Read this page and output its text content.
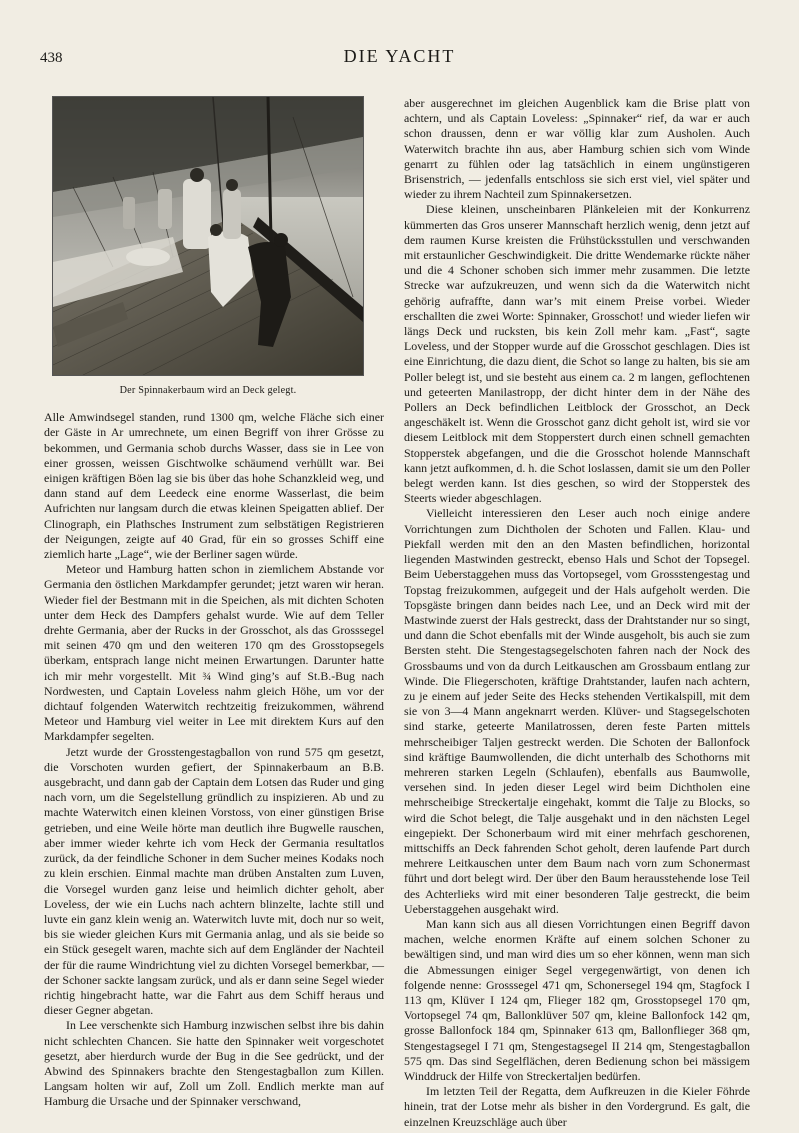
438	DIE YACHT
Der Spinnakerbaum wird an Deck gelegt.

Alle Amwindsegel standen, rund 1300 qm, welche Fläche sich einer der Gäste in Ar umrechnete, um einen Begriff von ihrer Grösse zu bekommen, und Germania schob durchs Wasser, dass sie in Lee von einer grossen, weissen Gischtwolke schäumend verhüllt war. Bei einigen kräftigen Böen lag sie bis über das hohe Schanzkleid weg, und dann stand auf dem Leedeck eine enorme Wasserlast, die beim Aufrichten nur langsam durch die etwas kleinen Speigatten ablief. Der Clinograph, ein Plathsches Instrument zum selbstätigen Registrieren der Neigungen, zeigte auf 40 Grad, für ein so grosses Schiff eine ziemlich harte „Lage“, wie der Berliner sagen würde.

Meteor und Hamburg hatten schon in ziemlichem Abstande vor Germania den östlichen Markdampfer gerundet; jetzt waren wir heran. Wieder fiel der Bestmann mit in die Speichen, als mit dichten Schoten unter dem Heck des Dampfers gehalst wurde. Wie auf dem Teller drehte Germania, aber der Rucks in der Grosschot, als das Grosssegel mit seinen 470 qm und den weiteren 170 qm des Grosstopsegels überkam, entsprach lange nicht meinen Erwartungen. Darunter hatte ich mir mehr vorgestellt. Mit ¾ Wind ging’s auf St.B.-Bug nach Nordwesten, und Captain Loveless nahm gleich Höhe, um vor der dichtauf folgenden Waterwitch rechtzeitig freizukommen, während Meteor und Hamburg viel weiter in Lee mit direktem Kurs auf den Markdampfer segelten.

Jetzt wurde der Grosstengestagballon von rund 575 qm gesetzt, die Vorschoten wurden gefiert, der Spinnakerbaum an B.B. ausgebracht, und dann gab der Captain dem Lotsen das Ruder und ging nach vorn, um die Segelstellung gründlich zu inspizieren. Ab und zu machte Waterwitch einen kleinen Vorstoss, von einer günstigen Brise getrieben, und eine Weile hörte man deutlich ihre Bugwelle rauschen, aber immer wieder kehrte ich vom Heck der Germania resultatlos zurück, da der feindliche Schoner in dem Sucher meines Kodaks noch zu klein erschien. Einmal machte man drüben Anstalten zum Luven, die Vorsegel wurden ganz leise und heimlich dichter geholt, aber Loveless, der wie ein Luchs nach achtern blinzelte, lachte still und luvte ein ganz klein wenig an. Waterwitch luvte mit, doch nur so weit, bis sie wieder gleichen Kurs mit Germania anlag, und als sie beide so ein Stück gesegelt waren, machte sich auf dem Engländer der Nachteil der für die raume Windrichtung viel zu dichten Vorsegel bemerkbar, — der Schoner sackte langsam zurück, und als er dann seine Segel wieder richtig hingebracht hatte, war die Fahrt aus dem Schiff heraus und dieser Gegner abgetan.

In Lee verschenkte sich Hamburg inzwischen selbst ihre bis dahin nicht schlechten Chancen. Sie hatte den Spinnaker weit vorgeschotet gesetzt, aber hierdurch wurde der Bug in die See gedrückt, und der Abwind des Spinnakers brachte den Stengestagballon zum Killen. Langsam holten wir auf, Zoll um Zoll. Endlich merkte man auf Hamburg die Ursache und der Spinnaker verschwand,

aber ausgerechnet im gleichen Augenblick kam die Brise platt von achtern, und als Captain Loveless: „Spinnaker“ rief, da war er auch schon draussen, denn er war völlig klar zum Ausholen. Auch Waterwitch brachte ihn aus, aber Hamburg schien sich vom Winde genarrt zu fühlen oder lag tatsächlich in einem ungünstigeren Brisenstrich, — jedenfalls entschloss sie sich erst viel, viel später und wieder zu ihrem Nachteil zum Spinnakersetzen.

Diese kleinen, unscheinbaren Plänkeleien mit der Konkurrenz kümmerten das Gros unserer Mannschaft herzlich wenig, denn jetzt auf dem raumen Kurse kreisten die Frühstücksstullen und verschwanden mit erstaunlicher Geschwindigkeit. Die dritte Wendemarke rückte näher und die 4 Schoner schoben sich immer mehr zusammen. Die letzte Strecke war aufzukreuzen, und wenn sich da die Waterwitch nicht gehörig aufraffte, dann war’s mit einem Preise vorbei. Wieder erschallten die zwei Worte: Spinnaker, Grosschot! und wieder liefen wir längs Deck und rucksten, bis kein Zoll mehr kam. „Fast“, sagte Loveless, und der Stopper wurde auf die Grosschot geschlagen. Dies ist eine Einrichtung, die dazu dient, die Schot so lange zu halten, bis sie am Poller belegt ist, und sie besteht aus einem ca. 2 m langen, geflochtenen und geteerten Manilastropp, der dicht hinter dem in der Nähe des Pollers an Deck befindlichen Leitblock der Grosschot, an Deck angeschäkelt ist. Wenn die Grosschot ganz dicht geholt ist, wird sie vor diesem Leitblock mit dem Stopperstert durch einen schnell gemachten Stopperstek abgefangen, und die die Grosschot holende Mannschaft kann jetzt aufkommen, d. h. die Schot loslassen, damit sie um den Poller belegt werden kann. Ist dies geschen, so wird der Stopperstek des Steerts wieder abgeschlagen.

Vielleicht interessieren den Leser auch noch einige andere Vorrichtungen zum Dichtholen der Schoten und Fallen. Klau- und Piekfall werden mit den an den Masten befindlichen, horizontal liegenden Mastwinden gestreckt, ebenso Hals und Schot der Topsegel. Beim Ueberstaggehen muss das Vortopsegel, vom Grossstengestag und Topstag freizukommen, aufgegeit und der Hals aufgeholt werden. Die Topsgäste bringen dann beides nach Lee, und an Deck wird mit der Mastwinde zuerst der Hals gestreckt, dass der Drahtstander nur so singt, und dann die Schot ebenfalls mit der Winde ausgeholt, bis auch sie zum Bersten steht. Die Stengestagsegelschoten fahren nach der Nock des Grossbaums und von da durch Leitkauschen am Grossbaum entlang zur Winde. Die Fliegerschoten, kräftige Drahtstander, laufen nach achtern, zu je einem auf jeder Seite des Hecks stehenden Vertikalspill, mit dem sie von 3—4 Mann angeknarrt werden. Klüver- und Stagsegelschoten sind starke, geteerte Manilatrossen, deren feste Parten mittels mehrscheibiger Taljen gestreckt werden. Die Schoten der Ballonfock sind kräftige Baumwollenden, die dicht unterhalb des Schothorns mit mehreren starken Legeln (Schlaufen), ebenfalls aus Baumwolle, versehen sind. In jeden dieser Legel wird beim Dichtholen eine mehrscheibige Streckertalje eingehakt, kommt die Talje zu Blocks, so wird die Schot belegt, die Talje ausgehakt und in den nächsten Legel eingepiekt. Der Schonerbaum wird mit einer mehrfach geschorenen, mittschiffs an Deck fahrenden Schot geholt, deren laufende Part durch mehrere Leitkauschen unter dem Baum nach vorn zum Schonermast führt und dort belegt wird. Der über den Baum herausstehende lose Teil des Achterlieks wird mit einer besonderen Talje gestreckt, die beim Ueberstaggehen ausgehakt wird.

Man kann sich aus all diesen Vorrichtungen einen Begriff davon machen, welche enormen Kräfte auf einem solchen Schoner zu bewältigen sind, und man wird dies um so eher können, wenn man sich die Abmessungen einiger Segel vergegenwärtigt, von denen ich folgende nenne: Grosssegel 471 qm, Schonersegel 194 qm, Stagfock I 113 qm, Klüver I 124 qm, Flieger 182 qm, Grosstopsegel 170 qm, Vortopsegel 74 qm, Ballonklüver 507 qm, kleine Ballonfock 142 qm, grosse Ballonfock 184 qm, Spinnaker 613 qm, Ballonflieger 368 qm, Stengestagsegel I 71 qm, Stengestagsegel II 214 qm, Stengestagballon 575 qm. Das sind Segelflächen, deren Bedienung schon bei mässigem Winddruck der Hilfe von Streckertaljen bedürfen.

Im letzten Teil der Regatta, dem Aufkreuzen in die Kieler Föhrde hinein, trat der Lotse mehr als bisher in den Vordergrund. Es galt, die einzelnen Kreuzschläge auch über
